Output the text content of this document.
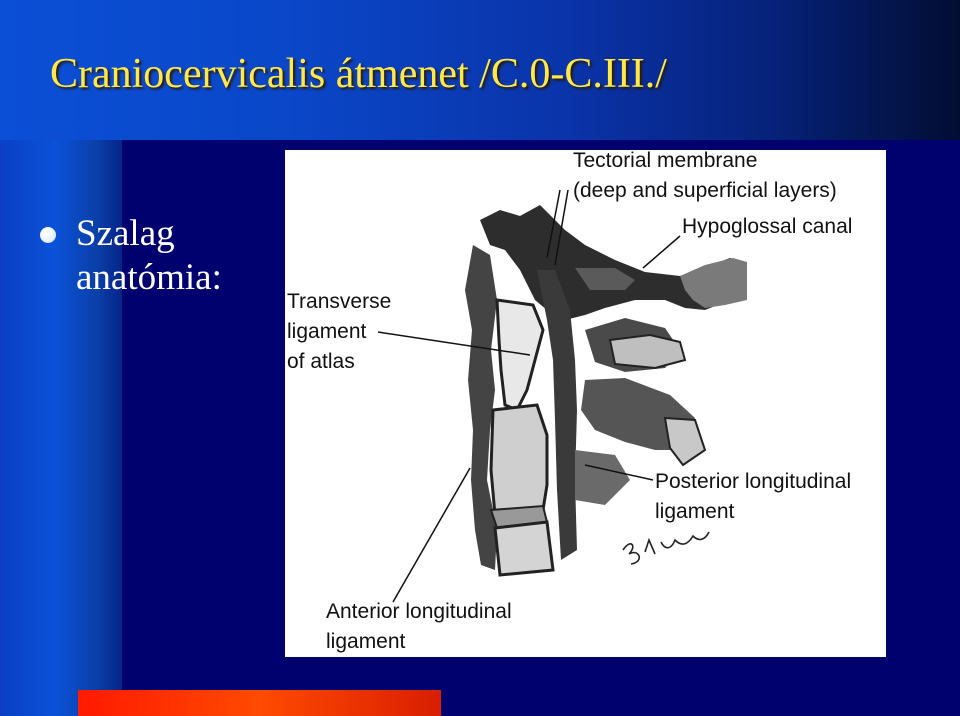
Craniocervicalis átmenet /C.0-C.III./

Szalag
anatómia:

Tectorial membrane
(deep and superficial layers)
Hypoglossal canal
Transverse
ligament
of atlas
Posterior longitudinal
ligament
Anterior longitudinal
ligament
